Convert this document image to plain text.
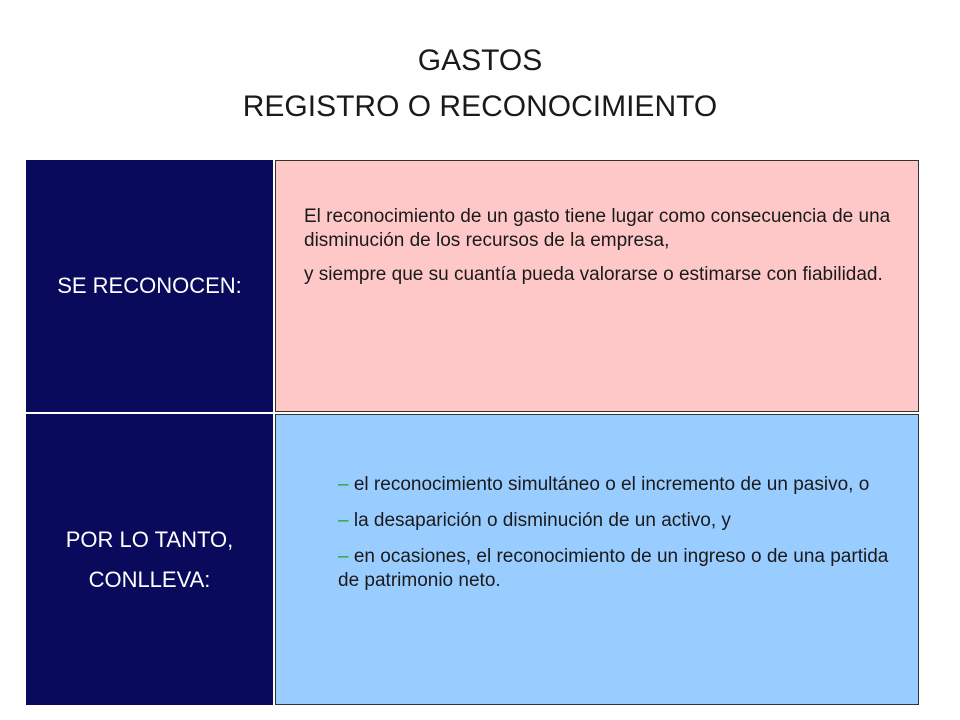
GASTOS
REGISTRO O RECONOCIMIENTO
SE RECONOCEN:

El reconocimiento de un gasto tiene lugar como consecuencia de una disminución de los recursos de la empresa,

y siempre que su cuantía pueda valorarse o estimarse con fiabilidad.

POR LO TANTO, CONLLEVA:
– el reconocimiento simultáneo o el incremento de un pasivo, o
– la desaparición o disminución de un activo, y
– en ocasiones, el reconocimiento de un ingreso o de una partida de patrimonio neto.
